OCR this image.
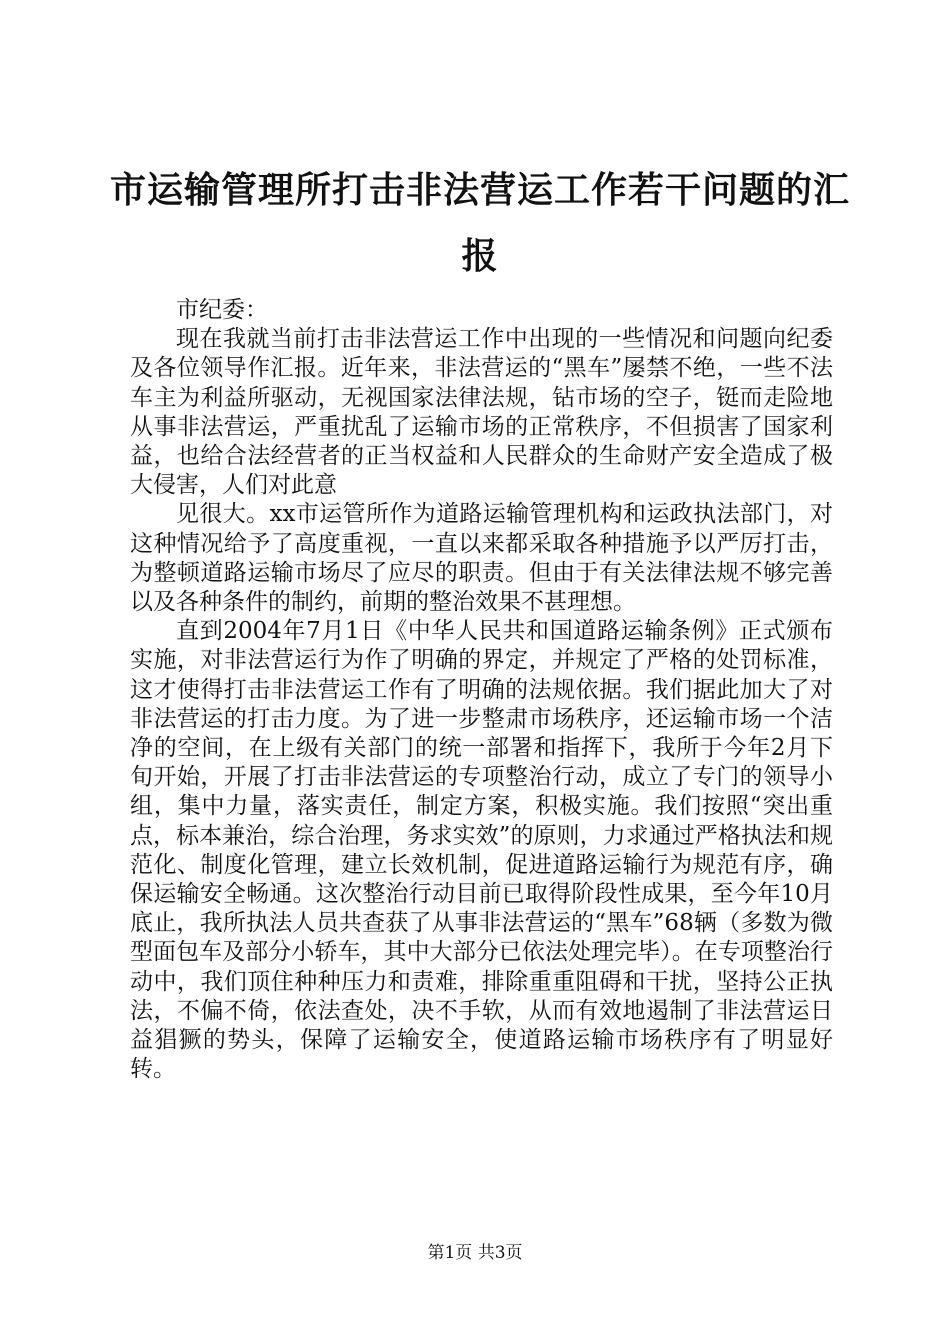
市运输管理所打击非法营运工作若干问题的汇报

市纪委：

现在我就当前打击非法营运工作中出现的一些情况和问题向纪委及各位领导作汇报。近年来，非法营运的“黑车”屡禁不绝，一些不法车主为利益所驱动，无视国家法律法规，钻市场的空子，铤而走险地从事非法营运，严重扰乱了运输市场的正常秩序，不但损害了国家利益，也给合法经营者的正当权益和人民群众的生命财产安全造成了极大侵害，人们对此意

见很大。xx市运管所作为道路运输管理机构和运政执法部门，对这种情况给予了高度重视，一直以来都采取各种措施予以严厉打击，为整顿道路运输市场尽了应尽的职责。但由于有关法律法规不够完善以及各种条件的制约，前期的整治效果不甚理想。

直到2004年7月1日《中华人民共和国道路运输条例》正式颁布实施，对非法营运行为作了明确的界定，并规定了严格的处罚标准，这才使得打击非法营运工作有了明确的法规依据。我们据此加大了对非法营运的打击力度。为了进一步整肃市场秩序，还运输市场一个洁净的空间，在上级有关部门的统一部署和指挥下，我所于今年2月下旬开始，开展了打击非法营运的专项整治行动，成立了专门的领导小组，集中力量，落实责任，制定方案，积极实施。我们按照“突出重点，标本兼治，综合治理，务求实效”的原则，力求通过严格执法和规范化、制度化管理，建立长效机制，促进道路运输行为规范有序，确保运输安全畅通。这次整治行动目前已取得阶段性成果，至今年10月底止，我所执法人员共查获了从事非法营运的“黑车”68辆（多数为微型面包车及部分小轿车，其中大部分已依法处理完毕）。在专项整治行动中，我们顶住种种压力和责难，排除重重阻碍和干扰，坚持公正执法，不偏不倚，依法查处，决不手软，从而有效地遏制了非法营运日益猖獗的势头，保障了运输安全，使道路运输市场秩序有了明显好转。

第1页 共3页
